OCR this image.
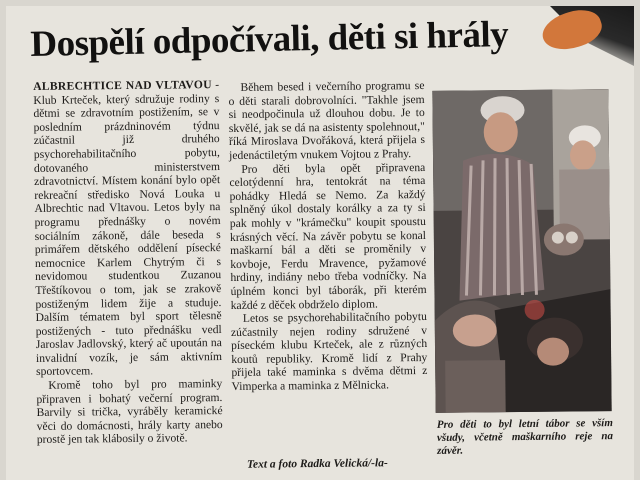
Dospělí odpočívali, děti si hrály

ALBRECHTICE NAD VLTAVOU - Klub Krteček, který sdružuje rodiny s dětmi se zdravotním postižením, se v posledním prázdninovém týdnu zúčastnil již druhého psychorehabilitačního pobytu, dotovaného ministerstvem zdravotnictví. Místem konání bylo opět rekreační středisko Nová Louka u Albrechtic nad Vltavou. Letos byly na programu přednášky o novém sociálním zákoně, dále beseda s primářem dětského oddělení písecké nemocnice Karlem Chytrým či s nevidomou studentkou Zuzanou Třeštíkovou o tom, jak se zrakově postiženým lidem žije a studuje. Dalším tématem byl sport tělesně postižených - tuto přednášku vedl Jaroslav Jadlovský, který ač upoután na invalidní vozík, je sám aktivním sportovcem.

Kromě toho byl pro maminky připraven i bohatý večerní program. Barvily si trička, vyráběly keramické věci do domácnosti, hrály karty anebo prostě jen tak klábosily o životě.

Během besed i večerního programu se o děti starali dobrovolníci. "Takhle jsem si neodpočinula už dlouhou dobu. Je to skvělé, jak se dá na asistenty spolehnout," říká Miroslava Dvořáková, která přijela s jedenáctiletým vnukem Vojtou z Prahy.

Pro děti byla opět připravena celotýdenní hra, tentokrát na téma pohádky Hledá se Nemo. Za každý splněný úkol dostaly korálky a za ty si pak mohly v "krámečku" koupit spoustu krásných věcí. Na závěr pobytu se konal maškarní bál a děti se proměnily v kovboje, Ferdu Mravence, pyžamové hrdiny, indiány nebo třeba vodníčky. Na úplném konci byl táborák, při kterém každé z děček obdrželo diplom.

Letos se psychorehabilitačního pobytu zúčastnily nejen rodiny sdružené v píseckém klubu Krteček, ale z různých koutů republiky. Kromě lidí z Prahy přijela také maminka s dvěma dětmi z Vimperka a maminka z Mělnicka.

Text a foto Radka Velická/-la-
Pro děti to byl letní tábor se vším všudy, včetně maškarního reje na závěr.
